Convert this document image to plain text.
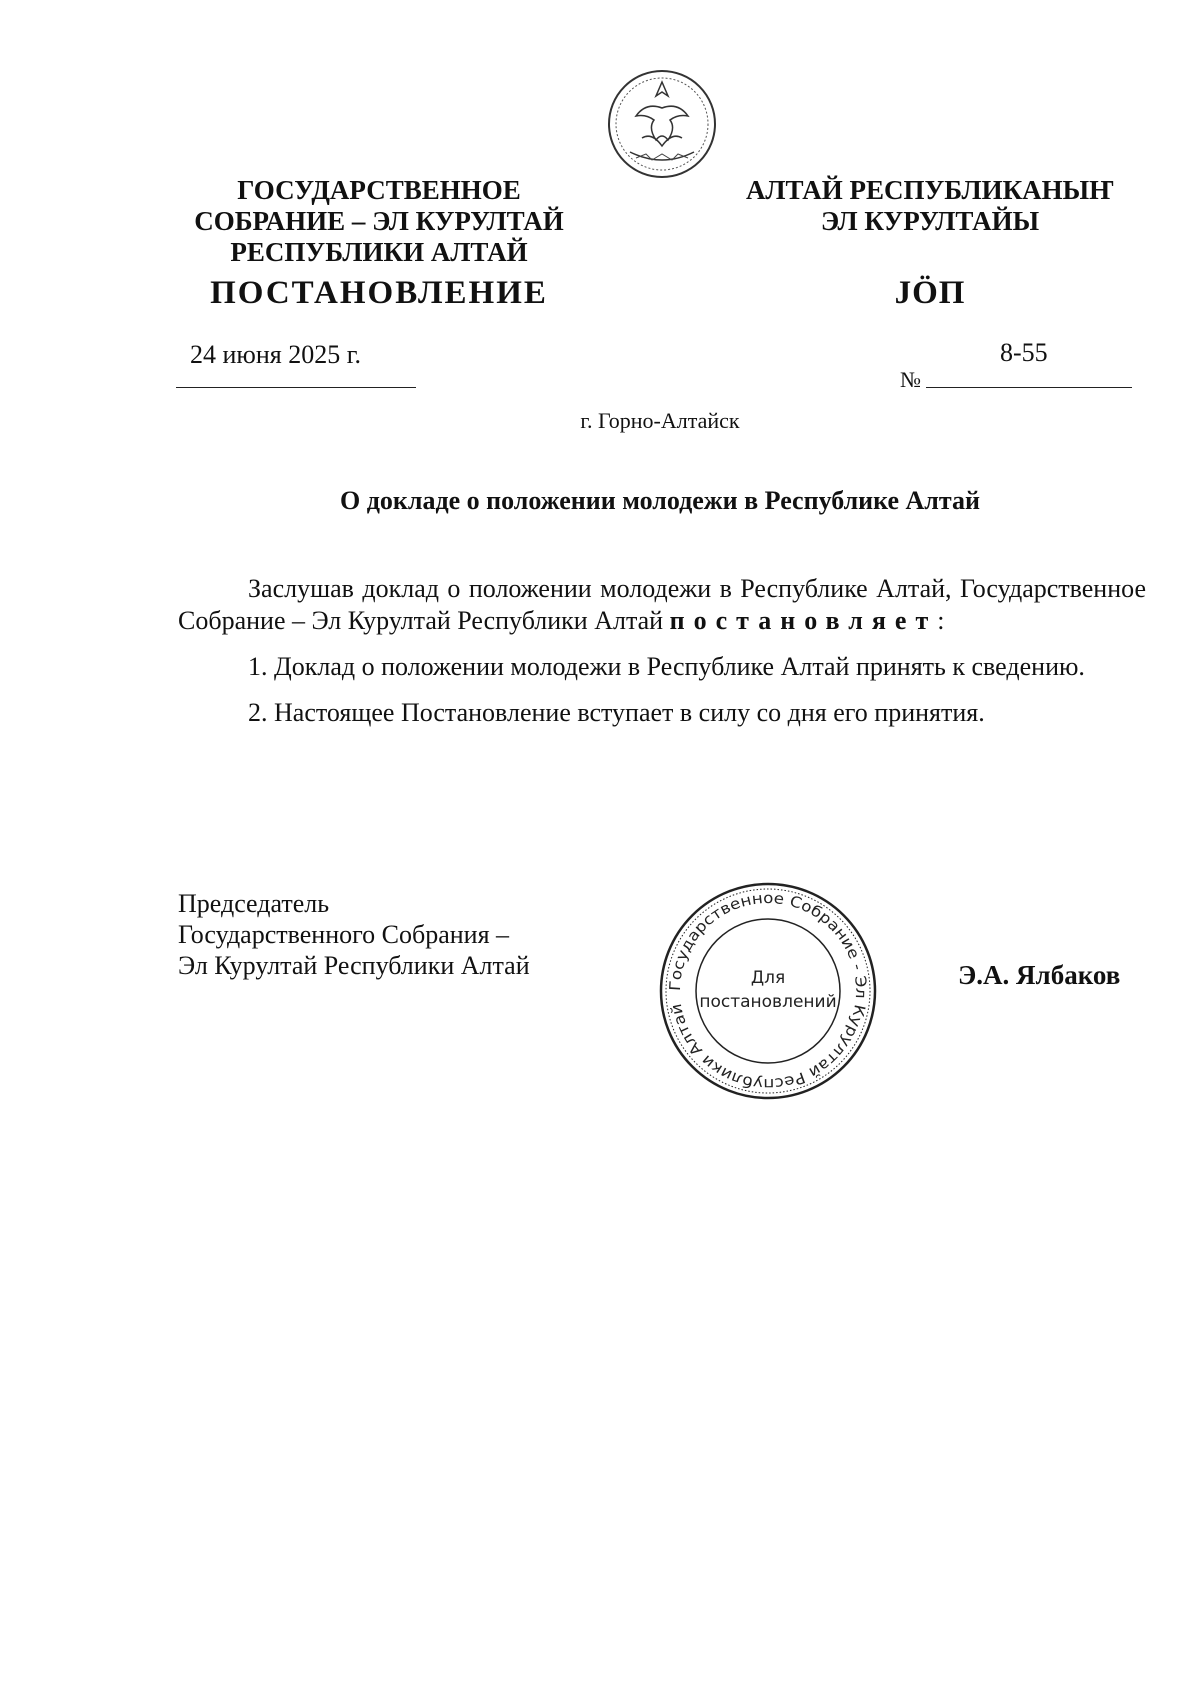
ГОСУДАРСТВЕННОЕ
СОБРАНИЕ – ЭЛ КУРУЛТАЙ
РЕСПУБЛИКИ АЛТАЙ
АЛТАЙ РЕСПУБЛИКАНЫҤ
ЭЛ КУРУЛТАЙЫ
ПОСТАНОВЛЕНИЕ	JÖП
24 июня 2025 г.	8-55
№
г. Горно-Алтайск
О докладе о положении молодежи в Республике Алтай

Заслушав доклад о положении молодежи в Республике Алтай, Государственное Собрание – Эл Курултай Республики Алтай постановляет:

1. Доклад о положении молодежи в Республике Алтай принять к сведению.

2. Настоящее Постановление вступает в силу со дня его принятия.

Председатель
Государственного Собрания –
Эл Курултай Республики Алтай	Э.А. Ялбаков
Государственное Собрание - Эл Курултай Республики Алтай
Для
постановлений
